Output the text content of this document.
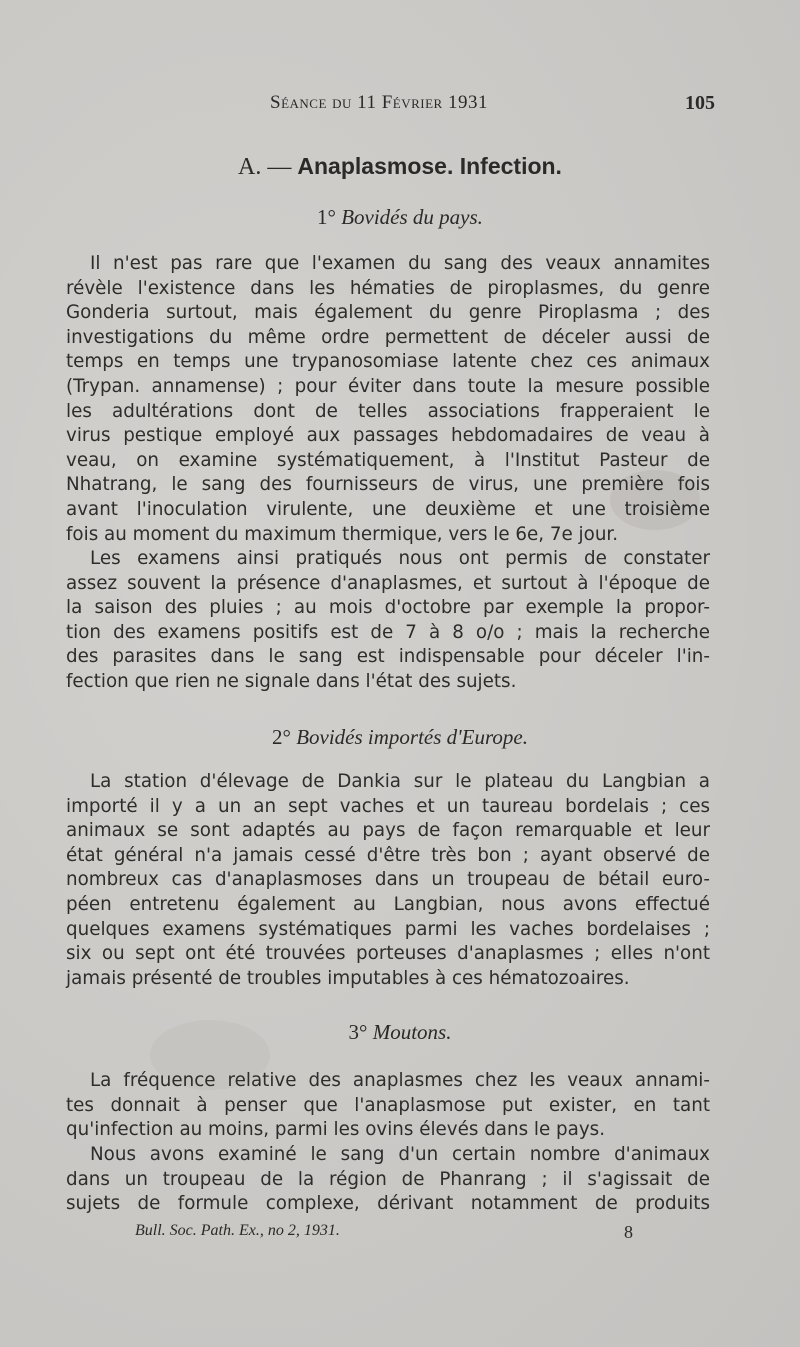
Séance du 11 Février 1931	105
A. — Anaplasmose. Infection.
1° Bovidés du pays.
Il n'est pas rare que l'examen du sang des veaux annamites
révèle l'existence dans les hématies de piroplasmes, du genre
Gonderia surtout, mais également du genre Piroplasma ; des
investigations du même ordre permettent de déceler aussi de
temps en temps une trypanosomiase latente chez ces animaux
(Trypan. annamense) ; pour éviter dans toute la mesure possible
les adultérations dont de telles associations frapperaient le
virus pestique employé aux passages hebdomadaires de veau à
veau, on examine systématiquement, à l'Institut Pasteur de
Nhatrang, le sang des fournisseurs de virus, une première fois
avant l'inoculation virulente, une deuxième et une troisième
fois au moment du maximum thermique, vers le 6e, 7e jour.
Les examens ainsi pratiqués nous ont permis de constater
assez souvent la présence d'anaplasmes, et surtout à l'époque de
la saison des pluies ; au mois d'octobre par exemple la propor-
tion des examens positifs est de 7 à 8 o/o ; mais la recherche
des parasites dans le sang est indispensable pour déceler l'in-
fection que rien ne signale dans l'état des sujets.
2° Bovidés importés d'Europe.
La station d'élevage de Dankia sur le plateau du Langbian a
importé il y a un an sept vaches et un taureau bordelais ; ces
animaux se sont adaptés au pays de façon remarquable et leur
état général n'a jamais cessé d'être très bon ; ayant observé de
nombreux cas d'anaplasmoses dans un troupeau de bétail euro-
péen entretenu également au Langbian, nous avons effectué
quelques examens systématiques parmi les vaches bordelaises ;
six ou sept ont été trouvées porteuses d'anaplasmes ; elles n'ont
jamais présenté de troubles imputables à ces hématozoaires.
3° Moutons.
La fréquence relative des anaplasmes chez les veaux annami-
tes donnait à penser que l'anaplasmose put exister, en tant
qu'infection au moins, parmi les ovins élevés dans le pays.
Nous avons examiné le sang d'un certain nombre d'animaux
dans un troupeau de la région de Phanrang ; il s'agissait de
sujets de formule complexe, dérivant notamment de produits
Bull. Soc. Path. Ex., no 2, 1931.	8
